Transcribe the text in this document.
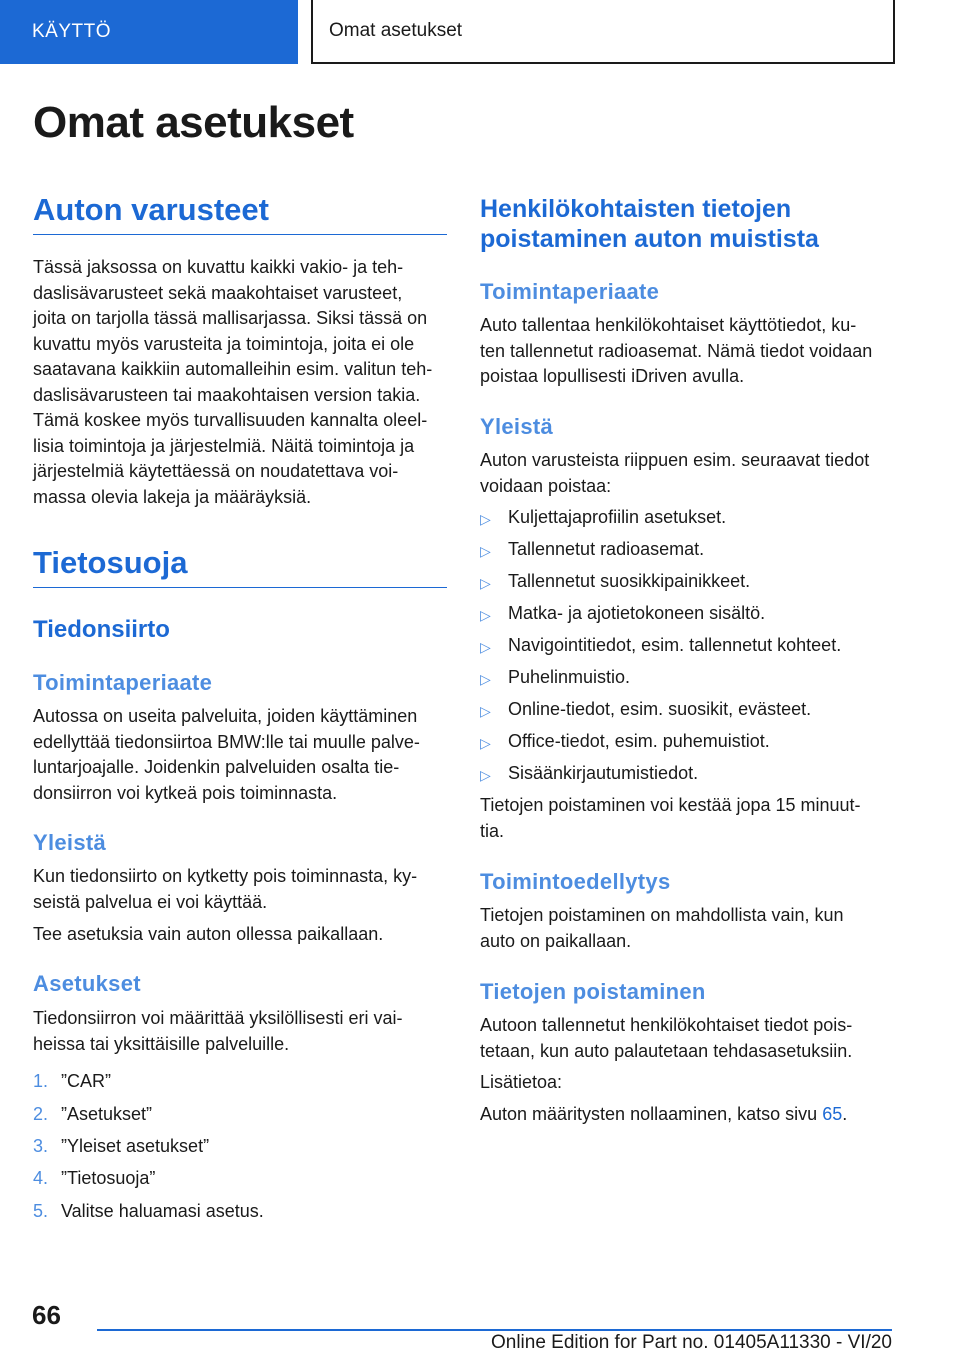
KÄYTTÖ	Omat asetukset
Omat asetukset
Auton varusteet
Tässä jaksossa on kuvattu kaikki vakio- ja teh-
daslisävarusteet sekä maakohtaiset varusteet,
joita on tarjolla tässä mallisarjassa. Siksi tässä on
kuvattu myös varusteita ja toimintoja, joita ei ole
saatavana kaikkiin automalleihin esim. valitun teh-
daslisävarusteen tai maakohtaisen version takia.
Tämä koskee myös turvallisuuden kannalta oleel-
lisia toimintoja ja järjestelmiä. Näitä toimintoja ja
järjestelmiä käytettäessä on noudatettava voi-
massa olevia lakeja ja määräyksiä.
Tietosuoja
Tiedonsiirto
Toimintaperiaate
Autossa on useita palveluita, joiden käyttäminen
edellyttää tiedonsiirtoa BMW:lle tai muulle palve-
luntarjoajalle. Joidenkin palveluiden osalta tie-
donsiirron voi kytkeä pois toiminnasta.
Yleistä
Kun tiedonsiirto on kytketty pois toiminnasta, ky-
seistä palvelua ei voi käyttää.
Tee asetuksia vain auton ollessa paikallaan.
Asetukset
Tiedonsiirron voi määrittää yksilöllisesti eri vai-
heissa tai yksittäisille palveluille.
1. ”CAR”
2. ”Asetukset”
3. ”Yleiset asetukset”
4. ”Tietosuoja”
5. Valitse haluamasi asetus.
Henkilökohtaisten tietojen
poistaminen auton muistista
Toimintaperiaate
Auto tallentaa henkilökohtaiset käyttötiedot, ku-
ten tallennetut radioasemat. Nämä tiedot voidaan
poistaa lopullisesti iDriven avulla.
Yleistä
Auton varusteista riippuen esim. seuraavat tiedot
voidaan poistaa:
▷ Kuljettajaprofiilin asetukset.
▷ Tallennetut radioasemat.
▷ Tallennetut suosikkipainikkeet.
▷ Matka- ja ajotietokoneen sisältö.
▷ Navigointitiedot, esim. tallennetut kohteet.
▷ Puhelinmuistio.
▷ Online-tiedot, esim. suosikit, evästeet.
▷ Office-tiedot, esim. puhemuistiot.
▷ Sisäänkirjautumistiedot.
Tietojen poistaminen voi kestää jopa 15 minuut-
tia.
Toimintoedellytys
Tietojen poistaminen on mahdollista vain, kun
auto on paikallaan.
Tietojen poistaminen
Autoon tallennetut henkilökohtaiset tiedot pois-
tetaan, kun auto palautetaan tehdasasetuksiin.
Lisätietoa:
Auton määritysten nollaaminen, katso sivu 65.
66
Online Edition for Part no. 01405A11330 - VI/20
